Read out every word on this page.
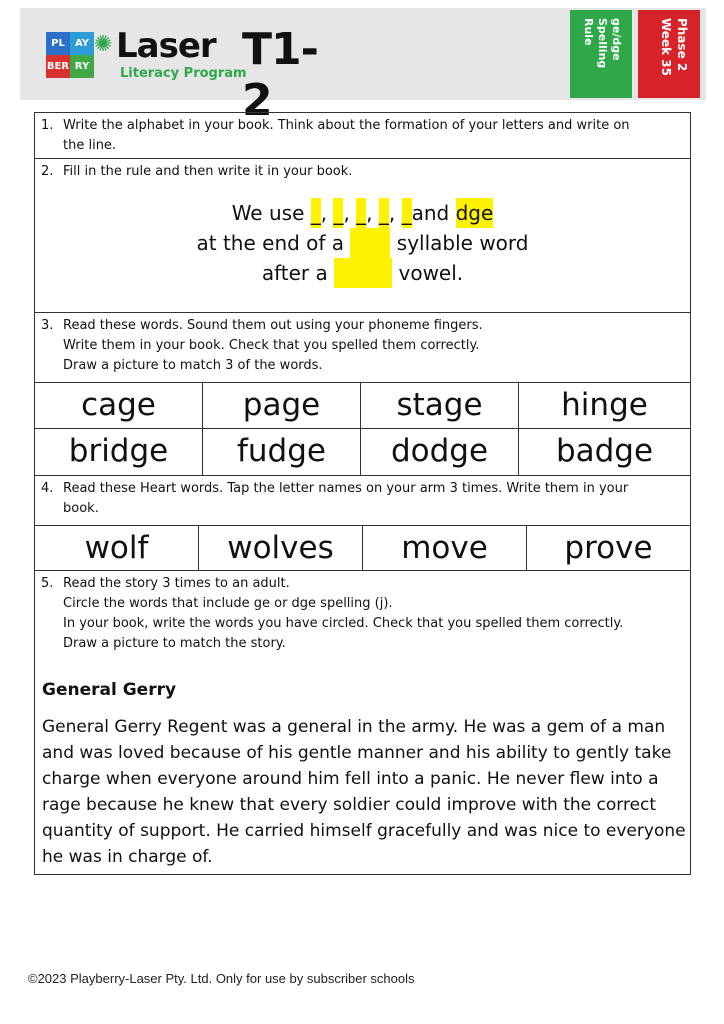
PL	AY
BER RY
✺ Laser
Literacy Program
T1-2
ge/dge
Spelling
Rule	Phase 2
Week 35
1. Write the alphabet in your book. Think about the formation of your letters and write on
the line.
2. Fill in the rule and then write it in your book.
We use _, _, _, _, _and dge
at the end of a  syllable word
after a	vowel.
3. Read these words. Sound them out using your phoneme fingers.
Write them in your book. Check that you spelled them correctly.
Draw a picture to match 3 of the words.
cage	page	stage	hinge
bridge	fudge	dodge	badge
4. Read these Heart words. Tap the letter names on your arm 3 times. Write them in your
book.
wolf	wolves	move	prove
5. Read the story 3 times to an adult.
Circle the words that include ge or dge spelling (j).
In your book, write the words you have circled. Check that you spelled them correctly.
Draw a picture to match the story.
General Gerry
General Gerry Regent was a general in the army. He was a gem of a man
and was loved because of his gentle manner and his ability to gently take
charge when everyone around him fell into a panic. He never flew into a
rage because he knew that every soldier could improve with the correct
quantity of support. He carried himself gracefully and was nice to everyone
he was in charge of.
©2023 Playberry-Laser Pty. Ltd. Only for use by subscriber schools
